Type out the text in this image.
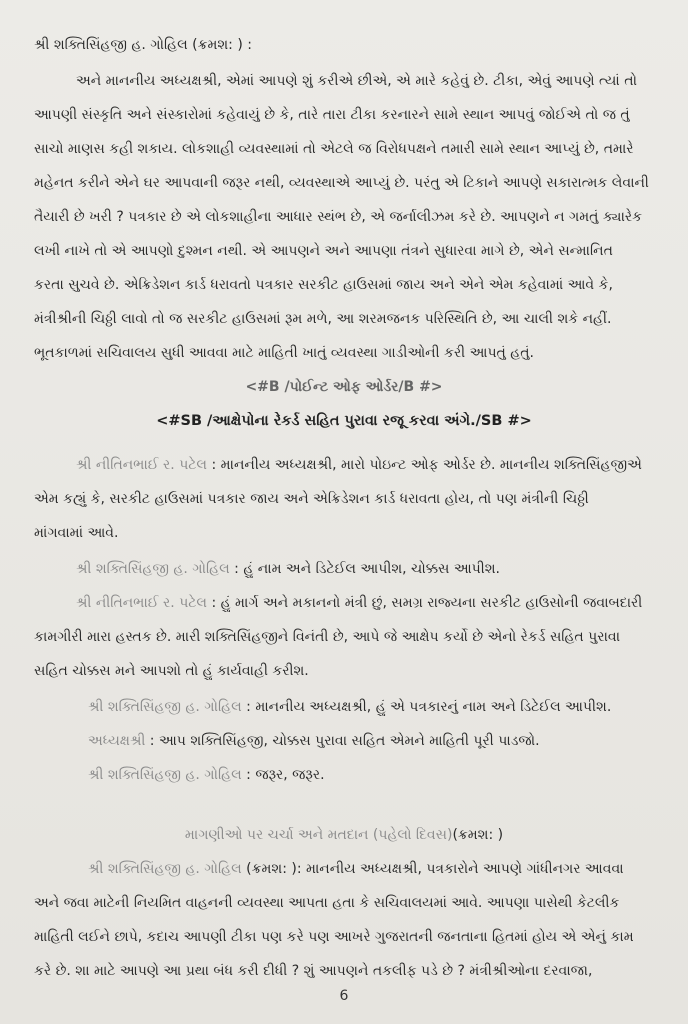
શ્રી શક્તિસિંહજી હ. ગોહિલ (ક્રમશ: ) :
અને માનનીય અધ્યક્ષશ્રી, એમાં આપણે શું કરીએ છીએ, એ મારે કહેવું છે. ટીકા, એવું આપણે ત્યાં તો
આપણી સંસ્કૃતિ અને સંસ્કારોમાં કહેવાયું છે કે, તારે તારા ટીકા કરનારને સામે સ્થાન આપવું જોઈએ તો જ તું
સાચો માણસ કહી શકાય. લોકશાહી વ્યવસ્થામાં તો એટલે જ વિરોધપક્ષને તમારી સામે સ્થાન આપ્યું છે, તમારે
મહેનત કરીને એને ઘર આપવાની જરૂર નથી, વ્યવસ્થાએ આપ્યું છે. પરંતુ એ ટિકાને આપણે સકારાત્મક લેવાની
તૈયારી છે ખરી ? પત્રકાર છે એ લોકશાહીના આધાર સ્થંભ છે, એ જર્નાલીઝમ કરે છે. આપણને ન ગમતું ક્યારેક
લખી નાખે તો એ આપણો દુશ્મન નથી. એ આપણને અને આપણા તંત્રને સુધારવા માગે છે, એને સન્માનિત
કરતા સુચવે છે. એક્રિડેશન કાર્ડ ધરાવતો પત્રકાર સરકીટ હાઉસમાં જાય અને એને એમ કહેવામાં આવે કે,
મંત્રીશ્રીની ચિઠ્ઠી લાવો તો જ સરકીટ હાઉસમાં રૂમ મળે, આ શરમજનક પરિસ્થિતિ છે, આ ચાલી શકે નહીં.
ભૂતકાળમાં સચિવાલય સુધી આવવા માટે માહિતી ખાતું વ્યવસ્થા ગાડીઓની કરી આપતું હતું.
<#B /પોઈન્ટ ઓફ ઓર્ડર/B #>
<#SB /આક્ષેપોના રેકર્ડ સહિત પુરાવા રજૂ કરવા અંગે./SB #>
શ્રી નીતિનભાઈ ર. પટેલ : માનનીય અધ્યક્ષશ્રી, મારો પોઇન્ટ ઓફ ઓર્ડર છે. માનનીય શક્તિસિંહજીએ
એમ કહ્યું કે, સરકીટ હાઉસમાં પત્રકાર જાય અને એક્રિડેશન કાર્ડ ધરાવતા હોય, તો પણ મંત્રીની ચિઠ્ઠી
માંગવામાં આવે.
શ્રી શક્તિસિંહજી હ. ગોહિલ : હું નામ અને ડિટેઈલ આપીશ, ચોક્કસ આપીશ.
શ્રી નીતિનભાઈ ર. પટેલ : હું માર્ગ અને મકાનનો મંત્રી છું, સમગ્ર રાજ્યના સરકીટ હાઉસોની જવાબદારી
કામગીરી મારા હસ્તક છે. મારી શક્તિસિંહજીને વિનંતી છે, આપે જે આક્ષેપ કર્યો છે એનો રેકર્ડ સહિત પુરાવા
સહિત ચોક્કસ મને આપશો તો હું કાર્યવાહી કરીશ.
શ્રી શક્તિસિંહજી હ. ગોહિલ : માનનીય અધ્યક્ષશ્રી, હું એ પત્રકારનું નામ અને ડિટેઈલ આપીશ.
અધ્યક્ષશ્રી : આપ શક્તિસિંહજી, ચોક્કસ પુરાવા સહિત એમને માહિતી પૂરી પાડજો.
શ્રી શક્તિસિંહજી હ. ગોહિલ : જરૂર, જરૂર.
માગણીઓ પર ચર્ચા અને મતદાન (પહેલો દિવસ)(ક્રમશ: )
શ્રી શક્તિસિંહજી હ. ગોહિલ (ક્રમશ: ): માનનીય અધ્યક્ષશ્રી, પત્રકારોને આપણે ગાંધીનગર આવવા
અને જવા માટેની નિયમિત વાહનની વ્યવસ્થા આપતા હતા કે સચિવાલયમાં આવે. આપણા પાસેથી કેટલીક
માહિતી લઈને છાપે, કદાચ આપણી ટીકા પણ કરે પણ આખરે ગુજરાતની જનતાના હિતમાં હોય એ એનું કામ
કરે છે. શા માટે આપણે આ પ્રથા બંધ કરી દીધી ? શું આપણને તકલીફ પડે છે ? મંત્રીશ્રીઓના દરવાજા,
6
